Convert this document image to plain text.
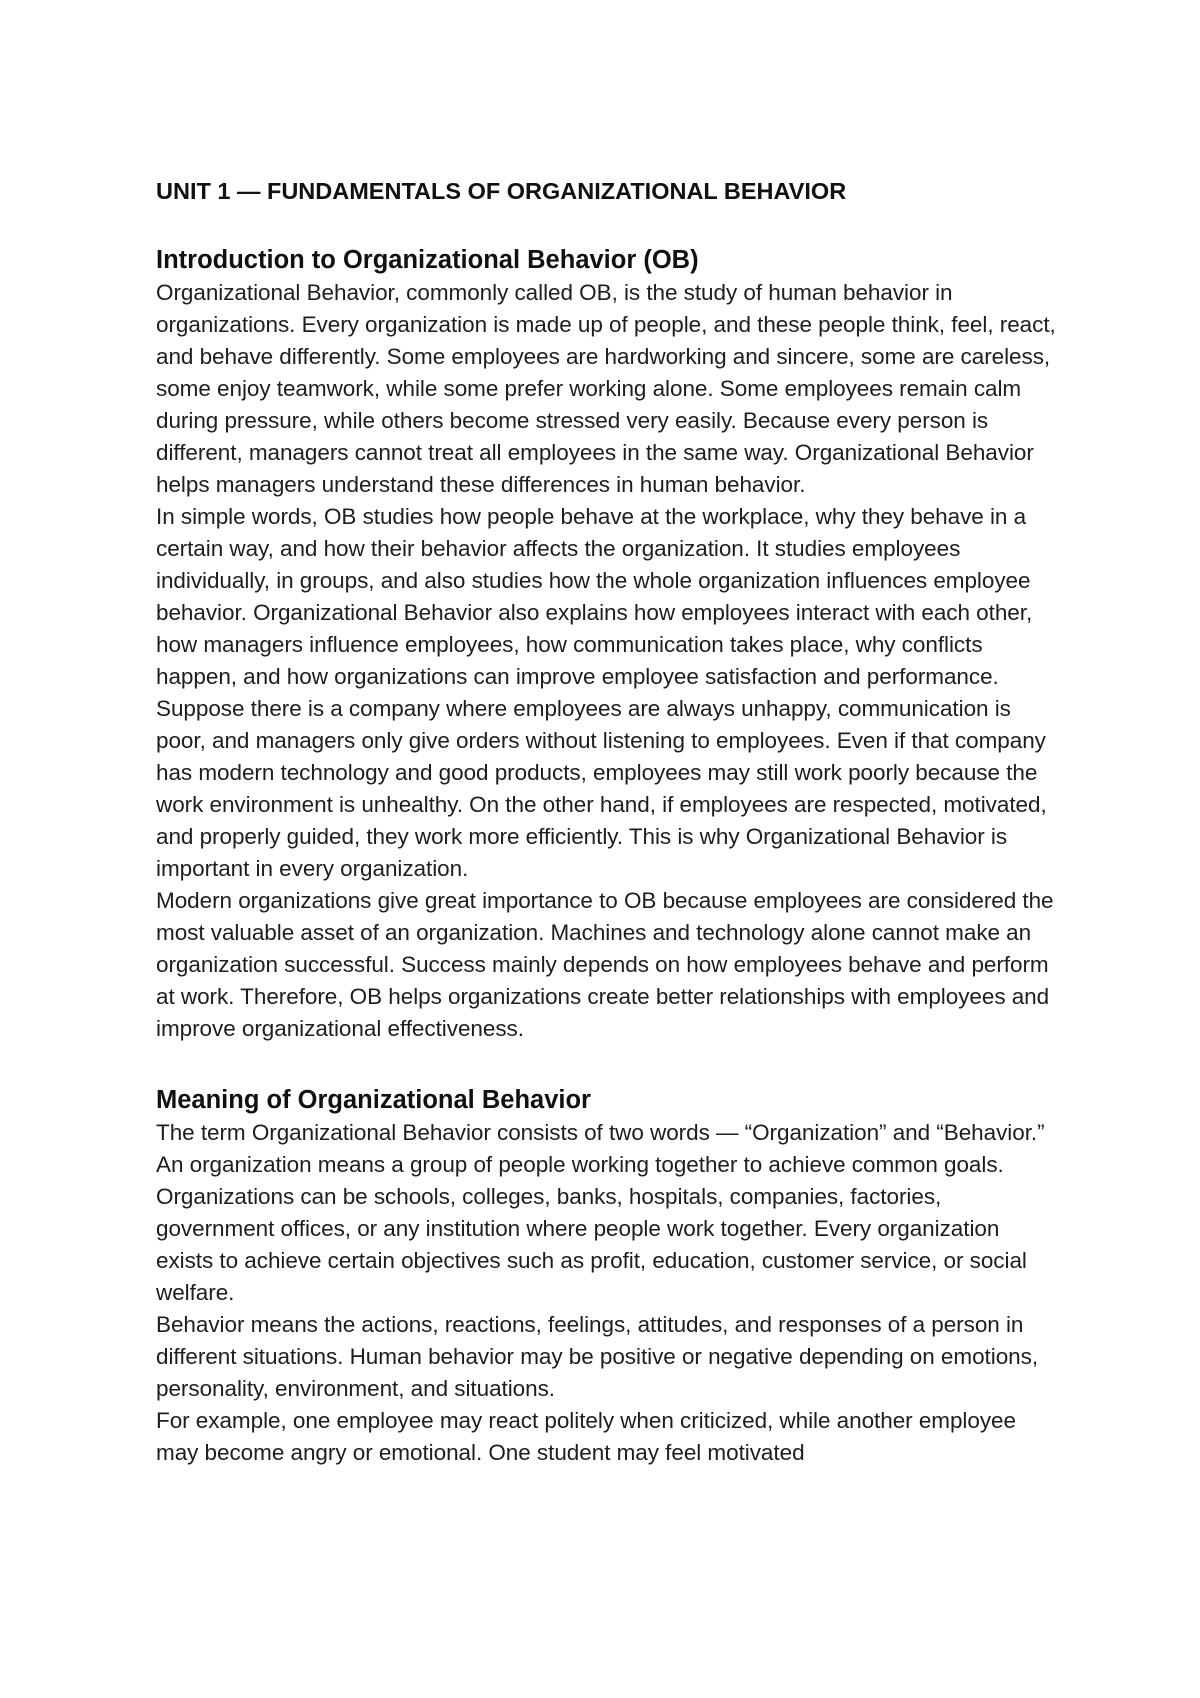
UNIT 1 — FUNDAMENTALS OF ORGANIZATIONAL BEHAVIOR
Introduction to Organizational Behavior (OB)

Organizational Behavior, commonly called OB, is the study of human behavior in organizations. Every organization is made up of people, and these people think, feel, react, and behave differently. Some employees are hardworking and sincere, some are careless, some enjoy teamwork, while some prefer working alone. Some employees remain calm during pressure, while others become stressed very easily. Because every person is different, managers cannot treat all employees in the same way. Organizational Behavior helps managers understand these differences in human behavior.

In simple words, OB studies how people behave at the workplace, why they behave in a certain way, and how their behavior affects the organization. It studies employees individually, in groups, and also studies how the whole organization influences employee behavior. Organizational Behavior also explains how employees interact with each other, how managers influence employees, how communication takes place, why conflicts happen, and how organizations can improve employee satisfaction and performance.

Suppose there is a company where employees are always unhappy, communication is poor, and managers only give orders without listening to employees. Even if that company has modern technology and good products, employees may still work poorly because the work environment is unhealthy. On the other hand, if employees are respected, motivated, and properly guided, they work more efficiently. This is why Organizational Behavior is important in every organization.

Modern organizations give great importance to OB because employees are considered the most valuable asset of an organization. Machines and technology alone cannot make an organization successful. Success mainly depends on how employees behave and perform at work. Therefore, OB helps organizations create better relationships with employees and improve organizational effectiveness.

Meaning of Organizational Behavior

The term Organizational Behavior consists of two words — “Organization” and “Behavior.”

An organization means a group of people working together to achieve common goals. Organizations can be schools, colleges, banks, hospitals, companies, factories, government offices, or any institution where people work together. Every organization exists to achieve certain objectives such as profit, education, customer service, or social welfare.

Behavior means the actions, reactions, feelings, attitudes, and responses of a person in different situations. Human behavior may be positive or negative depending on emotions, personality, environment, and situations.

For example, one employee may react politely when criticized, while another employee may become angry or emotional. One student may feel motivated
